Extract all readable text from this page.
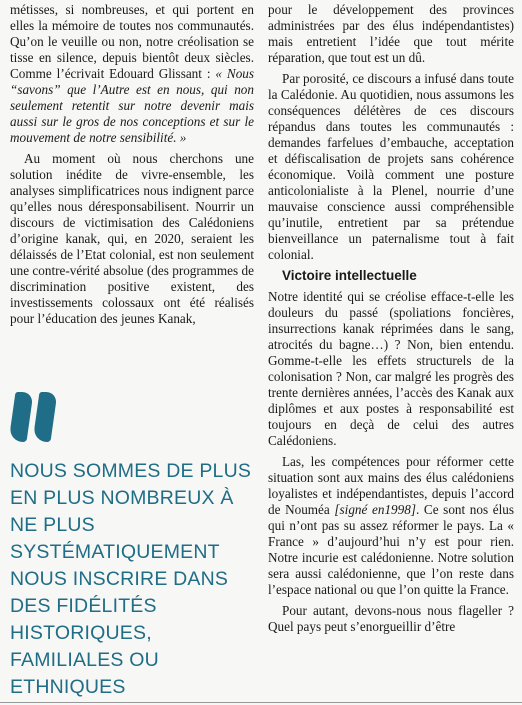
métisses, si nombreuses, et qui portent en elles la mémoire de toutes nos communautés. Qu’on le veuille ou non, notre créolisation se tisse en silence, depuis bientôt deux siècles. Comme l’écrivait Edouard Glissant : « Nous “savons” que l’Autre est en nous, qui non seulement retentit sur notre devenir mais aussi sur le gros de nos conceptions et sur le mouvement de notre sensibilité. »

Au moment où nous cherchons une solution inédite de vivre-ensemble, les analyses simplificatrices nous indignent parce qu’elles nous déresponsabilisent. Nourrir un discours de victimisation des Calédoniens d’origine kanak, qui, en 2020, seraient les délaissés de l’Etat colonial, est non seulement une contre-vérité absolue (des programmes de discrimination positive existent, des investissements colossaux ont été réalisés pour l’éducation des jeunes Kanak,

NOUS SOMMES DE PLUS EN PLUS NOMBREUX À NE PLUS SYSTÉMATIQUEMENT NOUS INSCRIRE DANS DES FIDÉLITÉS HISTORIQUES, FAMILIALES OU ETHNIQUES

pour le développement des provinces administrées par des élus indépendantistes) mais entretient l’idée que tout mérite réparation, que tout est un dû.

Par porosité, ce discours a infusé dans toute la Calédonie. Au quotidien, nous assumons les conséquences délétères de ces discours répandus dans toutes les communautés : demandes farfelues d’embauche, acceptation et défiscalisation de projets sans cohérence économique. Voilà comment une posture anticolonialiste à la Plenel, nourrie d’une mauvaise conscience aussi compréhensible qu’inutile, entretient par sa prétendue bienveillance un paternalisme tout à fait colonial.

Victoire intellectuelle

Notre identité qui se créolise efface-t-elle les douleurs du passé (spoliations foncières, insurrections kanak réprimées dans le sang, atrocités du bagne…) ? Non, bien entendu. Gomme-t-elle les effets structurels de la colonisation ? Non, car malgré les progrès des trente dernières années, l’accès des Kanak aux diplômes et aux postes à responsabilité est toujours en deçà de celui des autres Calédoniens.

Las, les compétences pour réformer cette situation sont aux mains des élus calédoniens loyalistes et indépendantistes, depuis l’accord de Nouméa [signé en1998]. Ce sont nos élus qui n’ont pas su assez réformer le pays. La « France » d’aujourd’hui n’y est pour rien. Notre incurie est calédonienne. Notre solution sera aussi calédonienne, que l’on reste dans l’espace national ou que l’on quitte la France.

Pour autant, devons-nous nous flageller ? Quel pays peut s’enorgueillir d’être
